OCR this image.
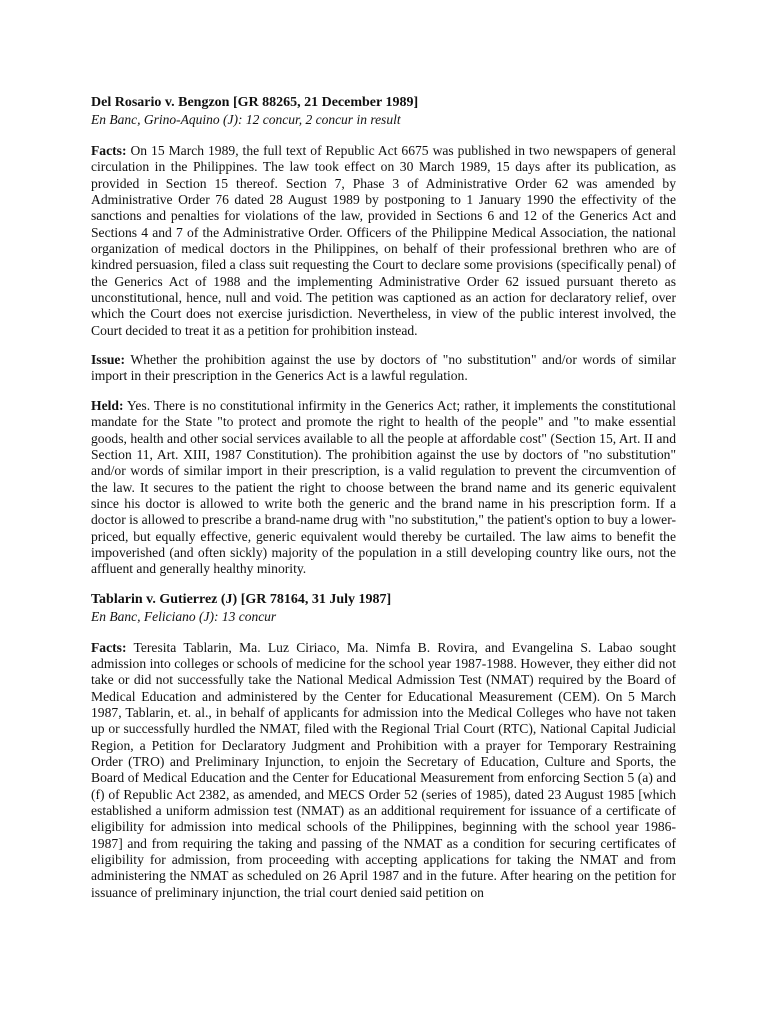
Del Rosario v. Bengzon [GR 88265, 21 December 1989]

En Banc, Grino-Aquino (J): 12 concur, 2 concur in result

Facts: On 15 March 1989, the full text of Republic Act 6675 was published in two newspapers of general circulation in the Philippines. The law took effect on 30 March 1989, 15 days after its publication, as provided in Section 15 thereof. Section 7, Phase 3 of Administrative Order 62 was amended by Administrative Order 76 dated 28 August 1989 by postponing to 1 January 1990 the effectivity of the sanctions and penalties for violations of the law, provided in Sections 6 and 12 of the Generics Act and Sections 4 and 7 of the Administrative Order. Officers of the Philippine Medical Association, the national organization of medical doctors in the Philippines, on behalf of their professional brethren who are of kindred persuasion, filed a class suit requesting the Court to declare some provisions (specifically penal) of the Generics Act of 1988 and the implementing Administrative Order 62 issued pursuant thereto as unconstitutional, hence, null and void. The petition was captioned as an action for declaratory relief, over which the Court does not exercise jurisdiction. Nevertheless, in view of the public interest involved, the Court decided to treat it as a petition for prohibition instead.

Issue: Whether the prohibition against the use by doctors of "no substitution" and/or words of similar import in their prescription in the Generics Act is a lawful regulation.

Held: Yes. There is no constitutional infirmity in the Generics Act; rather, it implements the constitutional mandate for the State "to protect and promote the right to health of the people" and "to make essential goods, health and other social services available to all the people at affordable cost" (Section 15, Art. II and Section 11, Art. XIII, 1987 Constitution). The prohibition against the use by doctors of "no substitution" and/or words of similar import in their prescription, is a valid regulation to prevent the circumvention of the law. It secures to the patient the right to choose between the brand name and its generic equivalent since his doctor is allowed to write both the generic and the brand name in his prescription form. If a doctor is allowed to prescribe a brand-name drug with "no substitution," the patient's option to buy a lower-priced, but equally effective, generic equivalent would thereby be curtailed. The law aims to benefit the impoverished (and often sickly) majority of the population in a still developing country like ours, not the affluent and generally healthy minority.

Tablarin v. Gutierrez (J) [GR 78164, 31 July 1987]

En Banc, Feliciano (J): 13 concur

Facts: Teresita Tablarin, Ma. Luz Ciriaco, Ma. Nimfa B. Rovira, and Evangelina S. Labao sought admission into colleges or schools of medicine for the school year 1987-1988. However, they either did not take or did not successfully take the National Medical Admission Test (NMAT) required by the Board of Medical Education and administered by the Center for Educational Measurement (CEM). On 5 March 1987, Tablarin, et. al., in behalf of applicants for admission into the Medical Colleges who have not taken up or successfully hurdled the NMAT, filed with the Regional Trial Court (RTC), National Capital Judicial Region, a Petition for Declaratory Judgment and Prohibition with a prayer for Temporary Restraining Order (TRO) and Preliminary Injunction, to enjoin the Secretary of Education, Culture and Sports, the Board of Medical Education and the Center for Educational Measurement from enforcing Section 5 (a) and (f) of Republic Act 2382, as amended, and MECS Order 52 (series of 1985), dated 23 August 1985 [which established a uniform admission test (NMAT) as an additional requirement for issuance of a certificate of eligibility for admission into medical schools of the Philippines, beginning with the school year 1986-1987] and from requiring the taking and passing of the NMAT as a condition for securing certificates of eligibility for admission, from proceeding with accepting applications for taking the NMAT and from administering the NMAT as scheduled on 26 April 1987 and in the future. After hearing on the petition for issuance of preliminary injunction, the trial court denied said petition on
